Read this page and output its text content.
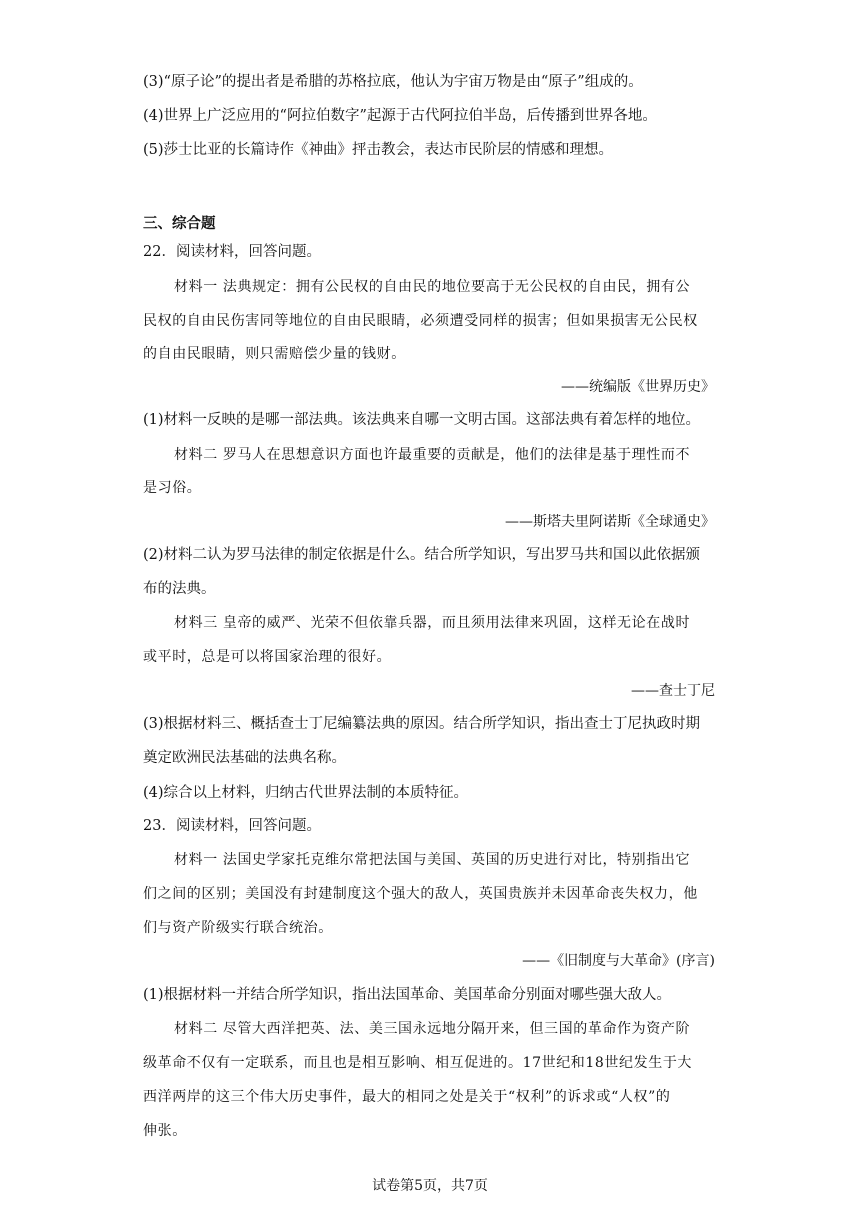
(3)“原子论”的提出者是希腊的苏格拉底，他认为宇宙万物是由“原子”组成的。
(4)世界上广泛应用的“阿拉伯数字”起源于古代阿拉伯半岛，后传播到世界各地。
(5)莎士比亚的长篇诗作《神曲》抨击教会，表达市民阶层的情感和理想。
三、综合题
22．阅读材料，回答问题。
材料一 法典规定：拥有公民权的自由民的地位要高于无公民权的自由民，拥有公
民权的自由民伤害同等地位的自由民眼睛，必须遭受同样的损害；但如果损害无公民权
的自由民眼睛，则只需赔偿少量的钱财。
——统编版《世界历史》
(1)材料一反映的是哪一部法典。该法典来自哪一文明古国。这部法典有着怎样的地位。
材料二 罗马人在思想意识方面也许最重要的贡献是，他们的法律是基于理性而不
是习俗。
——斯塔夫里阿诺斯《全球通史》
(2)材料二认为罗马法律的制定依据是什么。结合所学知识，写出罗马共和国以此依据颁
布的法典。
材料三 皇帝的威严、光荣不但依靠兵器，而且须用法律来巩固，这样无论在战时
或平时，总是可以将国家治理的很好。
——查士丁尼
(3)根据材料三、概括查士丁尼编纂法典的原因。结合所学知识，指出查士丁尼执政时期
奠定欧洲民法基础的法典名称。
(4)综合以上材料，归纳古代世界法制的本质特征。
23．阅读材料，回答问题。
材料一 法国史学家托克维尔常把法国与美国、英国的历史进行对比，特别指出它
们之间的区别；美国没有封建制度这个强大的敌人，英国贵族并未因革命丧失权力，他
们与资产阶级实行联合统治。
——《旧制度与大革命》(序言)
(1)根据材料一并结合所学知识，指出法国革命、美国革命分别面对哪些强大敌人。
材料二 尽管大西洋把英、法、美三国永远地分隔开来，但三国的革命作为资产阶
级革命不仅有一定联系，而且也是相互影响、相互促进的。17世纪和18世纪发生于大
西洋两岸的这三个伟大历史事件，最大的相同之处是关于“权利”的诉求或“人权”的
伸张。
试卷第5页，共7页
